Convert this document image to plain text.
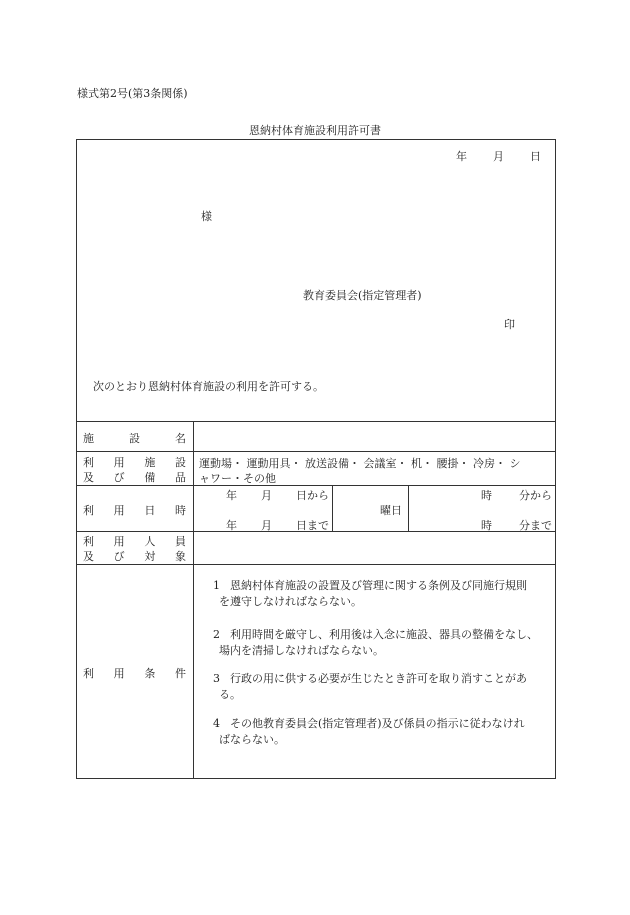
様式第2号(第3条関係)
恩納村体育施設利用許可書
年 月 日
様
教育委員会(指定管理者)
印
次のとおり恩納村体育施設の利用を許可する。
施	設	名
利 用 施 設
及 び 備 品
運動場・ 運動用具・ 放送設備・ 会議室・ 机・ 腰掛・ 冷房・ シ
ャワー・その他
利 用 日 時
年 月 日から
年 月 日まで
曜日
時 分から
時 分まで
利 用 人 員
及 び 対 象
利 用 条 件
1 恩納村体育施設の設置及び管理に関する条例及び同施行規則
を遵守しなければならない。
2 利用時間を厳守し、利用後は入念に施設、器具の整備をなし、
場内を清掃しなければならない。
3 行政の用に供する必要が生じたとき許可を取り消すことがあ
る。
4 その他教育委員会(指定管理者)及び係員の指示に従わなけれ
ばならない。
